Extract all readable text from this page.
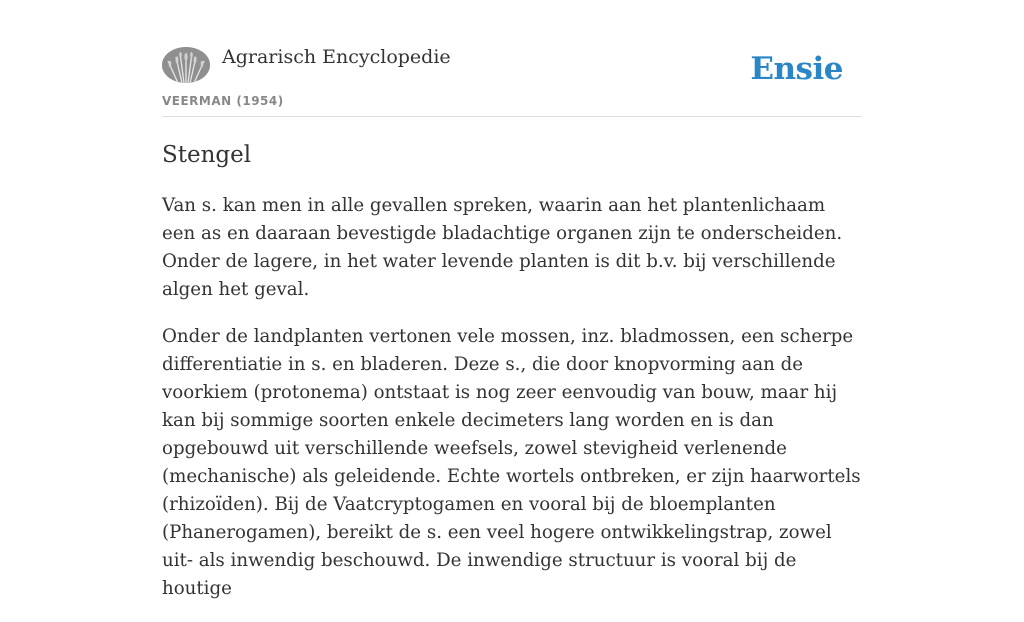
Agrarisch Encyclopedie
VEERMAN (1954)
Ensie
Stengel

Van s. kan men in alle gevallen spreken, waarin aan het plantenlichaam een as en daaraan bevestigde bladachtige organen zijn te onderscheiden. Onder de lagere, in het water levende planten is dit b.v. bij verschillende algen het geval.

Onder de landplanten vertonen vele mossen, inz. bladmossen, een scherpe differentiatie in s. en bladeren. Deze s., die door knopvorming aan de voorkiem (protonema) ontstaat is nog zeer eenvoudig van bouw, maar hij kan bij sommige soorten enkele decimeters lang worden en is dan opgebouwd uit verschillende weefsels, zowel stevigheid verlenende (mechanische) als geleidende. Echte wortels ontbreken, er zijn haarwortels (rhizoïden). Bij de Vaatcryptogamen en vooral bij de bloemplanten (Phanerogamen), bereikt de s. een veel hogere ontwikkelingstrap, zowel uit- als inwendig beschouwd. De inwendige structuur is vooral bij de houtige
